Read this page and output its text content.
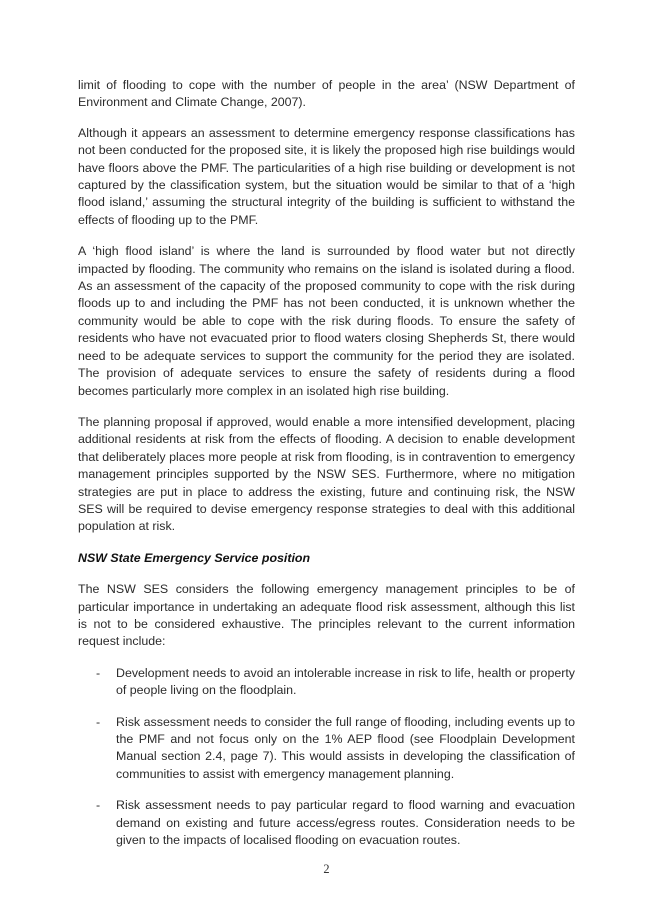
limit of flooding to cope with the number of people in the area’ (NSW Department of Environment and Climate Change, 2007).

Although it appears an assessment to determine emergency response classifications has not been conducted for the proposed site, it is likely the proposed high rise buildings would have floors above the PMF. The particularities of a high rise building or development is not captured by the classification system, but the situation would be similar to that of a ‘high flood island,’ assuming the structural integrity of the building is sufficient to withstand the effects of flooding up to the PMF.

A ‘high flood island’ is where the land is surrounded by flood water but not directly impacted by flooding. The community who remains on the island is isolated during a flood. As an assessment of the capacity of the proposed community to cope with the risk during floods up to and including the PMF has not been conducted, it is unknown whether the community would be able to cope with the risk during floods. To ensure the safety of residents who have not evacuated prior to flood waters closing Shepherds St, there would need to be adequate services to support the community for the period they are isolated. The provision of adequate services to ensure the safety of residents during a flood becomes particularly more complex in an isolated high rise building.

The planning proposal if approved, would enable a more intensified development, placing additional residents at risk from the effects of flooding. A decision to enable development that deliberately places more people at risk from flooding, is in contravention to emergency management principles supported by the NSW SES. Furthermore, where no mitigation strategies are put in place to address the existing, future and continuing risk, the NSW SES will be required to devise emergency response strategies to deal with this additional population at risk.

NSW State Emergency Service position

The NSW SES considers the following emergency management principles to be of particular importance in undertaking an adequate flood risk assessment, although this list is not to be considered exhaustive. The principles relevant to the current information request include:

- Development needs to avoid an intolerable increase in risk to life, health or property of people living on the floodplain.
- Risk assessment needs to consider the full range of flooding, including events up to the PMF and not focus only on the 1% AEP flood (see Floodplain Development Manual section 2.4, page 7). This would assists in developing the classification of communities to assist with emergency management planning.
- Risk assessment needs to pay particular regard to flood warning and evacuation demand on existing and future access/egress routes. Consideration needs to be given to the impacts of localised flooding on evacuation routes.
2
